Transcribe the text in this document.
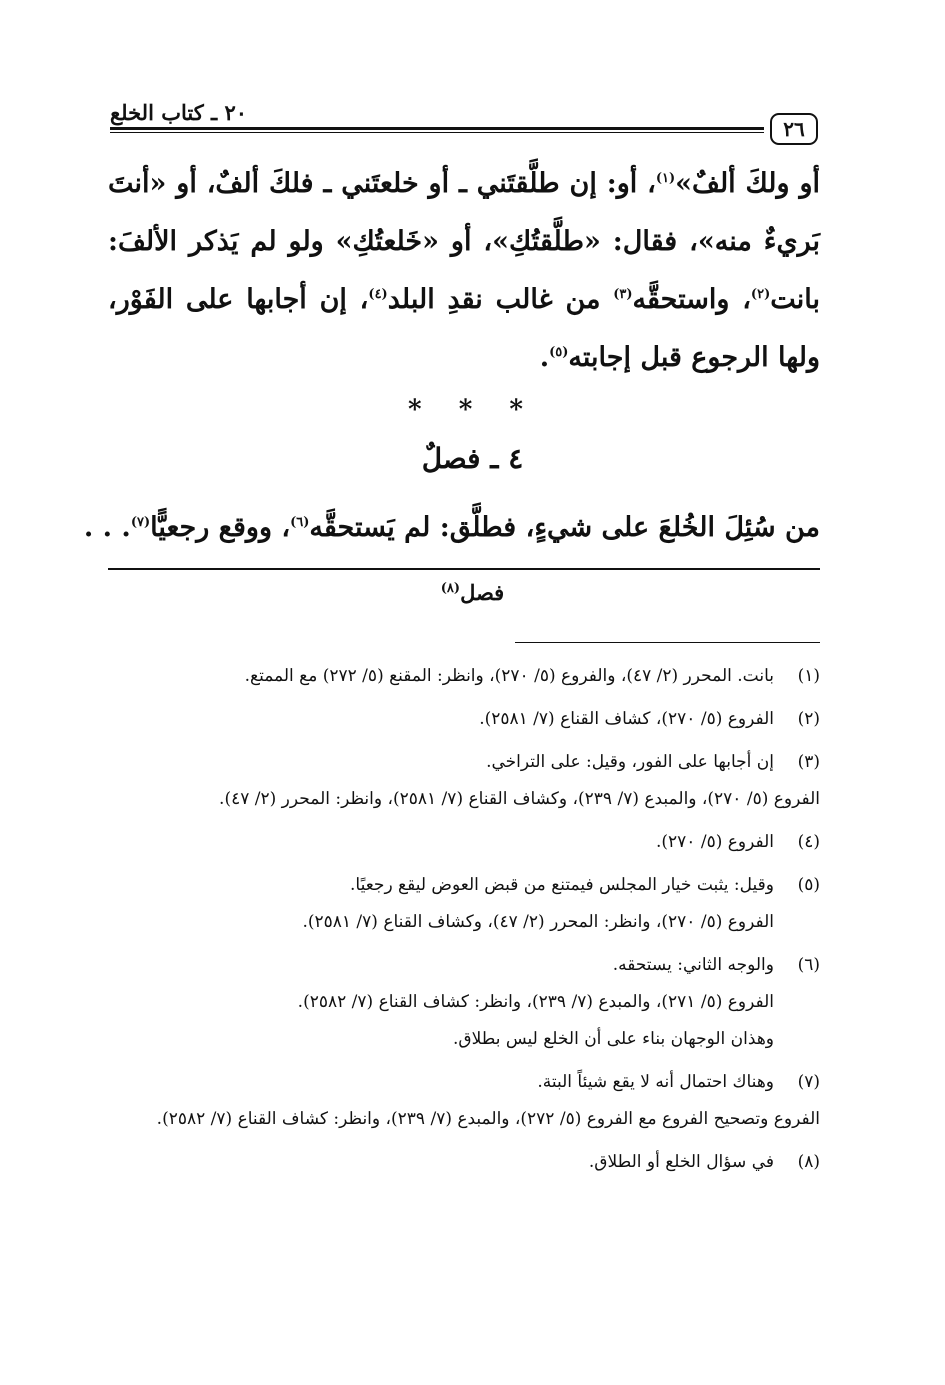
٢٠ ـ كتاب الخلع
٢٦
أو ولكَ ألفٌ»$^{(١)}$، أو: إن طلَّقتَني ـ أو خلعتَني ـ فلكَ ألفٌ، أو «أنتَ بَريءٌ منه»، فقال: «طلَّقتُكِ»، أو «خَلعتُكِ» ولو لم يَذكر الألفَ: بانت$^{(٢)}$، واستحقَّه$^{(٣)}$ من غالب نقدِ البلد$^{(٤)}$، إن أجابها على الفَوْر، ولها الرجوع قبل إجابته$^{(٥)}$.
* * *
٤ ـ فصلٌ
من سُئِلَ الخُلعَ على شيءٍ، فطلَّق: لم يَستحقَّه$^{(٦)}$، ووقع رجعيًّا$^{(٧)}$. . .
فصل$^{(٨)}$
(١)

بانت. المحرر (٢/ ٤٧)، والفروع (٥/ ٢٧٠)، وانظر: المقنع (٥/ ٢٧٢) مع الممتع.

(٢)

الفروع (٥/ ٢٧٠)، كشاف القناع (٧/ ٢٥٨١).

(٣)

إن أجابها على الفور، وقيل: على التراخي.

الفروع (٥/ ٢٧٠)، والمبدع (٧/ ٢٣٩)، وكشاف القناع (٧/ ٢٥٨١)، وانظر: المحرر (٢/ ٤٧).

(٤)

الفروع (٥/ ٢٧٠).

(٥)

وقيل: يثبت خيار المجلس فيمتنع من قبض العوض ليقع رجعيًا.

الفروع (٥/ ٢٧٠)، وانظر: المحرر (٢/ ٤٧)، وكشاف القناع (٧/ ٢٥٨١).

(٦)

والوجه الثاني: يستحقه.

الفروع (٥/ ٢٧١)، والمبدع (٧/ ٢٣٩)، وانظر: كشاف القناع (٧/ ٢٥٨٢).

وهذان الوجهان بناء على أن الخلع ليس بطلاق.

(٧)

وهناك احتمال أنه لا يقع شيئاً البتة.

الفروع وتصحيح الفروع مع الفروع (٥/ ٢٧٢)، والمبدع (٧/ ٢٣٩)، وانظر: كشاف القناع (٧/ ٢٥٨٢).

(٨)

في سؤال الخلع أو الطلاق.
